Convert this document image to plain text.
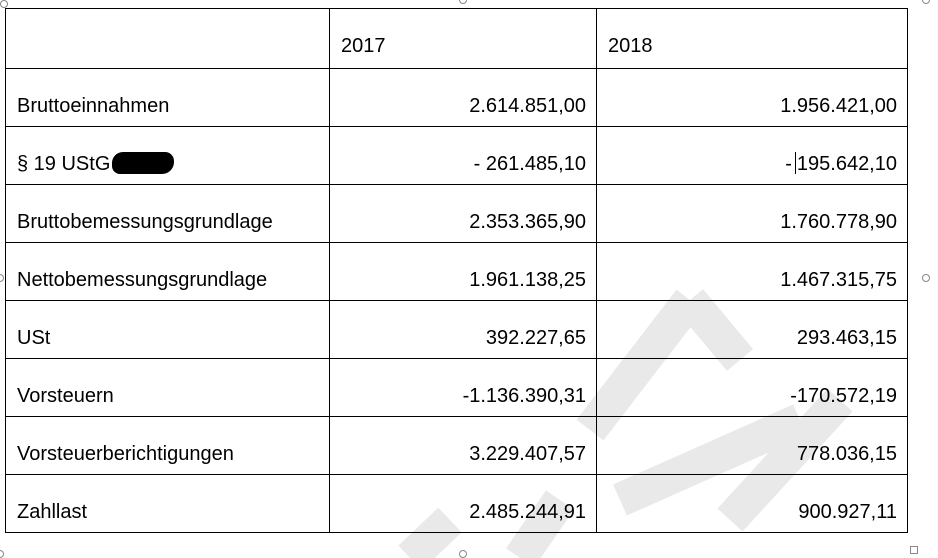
	2017	2018
Bruttoeinnahmen	2.614.851,00	1.956.421,00
§ 19 UStG	- 261.485,10	- 195.642,10
Bruttobemessungsgrundlage	2.353.365,90	1.760.778,90
Nettobemessungsgrundlage	1.961.138,25	1.467.315,75
USt	392.227,65	293.463,15
Vorsteuern	-1.136.390,31	-170.572,19
Vorsteuerberichtigungen	3.229.407,57	778.036,15
Zahllast	2.485.244,91	900.927,11
